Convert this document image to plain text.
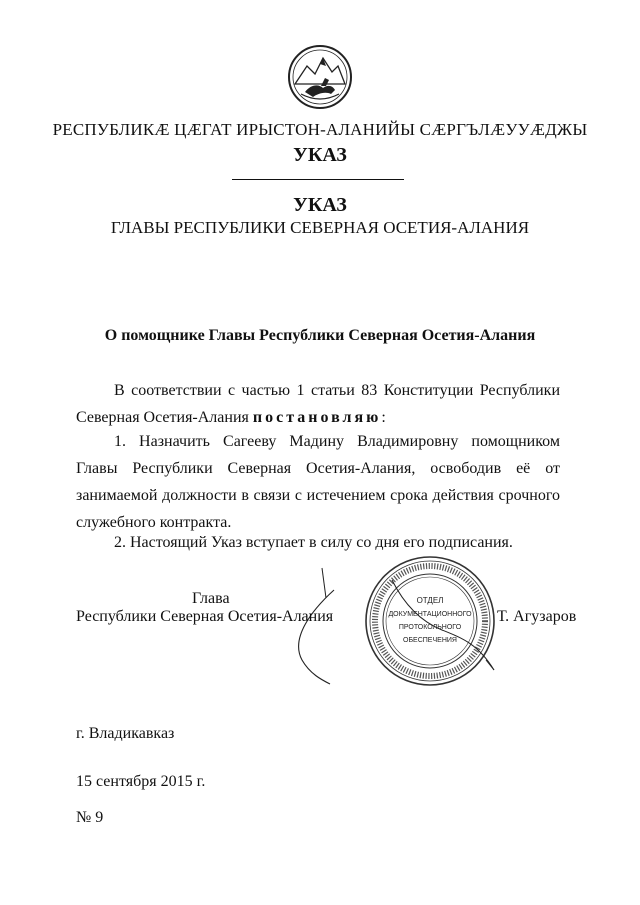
РЕСПУБЛИКӔ ЦӔГАТ ИРЫСТОН-АЛАНИЙЫ СӔРГЪЛӔУУӔДЖЫ
УКАЗ
УКАЗ
ГЛАВЫ РЕСПУБЛИКИ СЕВЕРНАЯ ОСЕТИЯ-АЛАНИЯ
О помощнике Главы Республики Северная Осетия-Алания
В соответствии с частью 1 статьи 83 Конституции Республики Северная Осетия-Алания постановляю:
1. Назначить Сагееву Мадину Владимировну помощником Главы Республики Северная Осетия-Алания, освободив её от занимаемой должности в связи с истечением срока действия срочного служебного контракта.
2. Настоящий Указ вступает в силу со дня его подписания.
ОТДЕЛ
ДОКУМЕНТАЦИОННОГО
ПРОТОКОЛЬНОГО
ОБЕСПЕЧЕНИЯ
Глава
Республики Северная Осетия-Алания	Т. Агузаров
г. Владикавказ
15 сентября 2015 г.
№ 9
